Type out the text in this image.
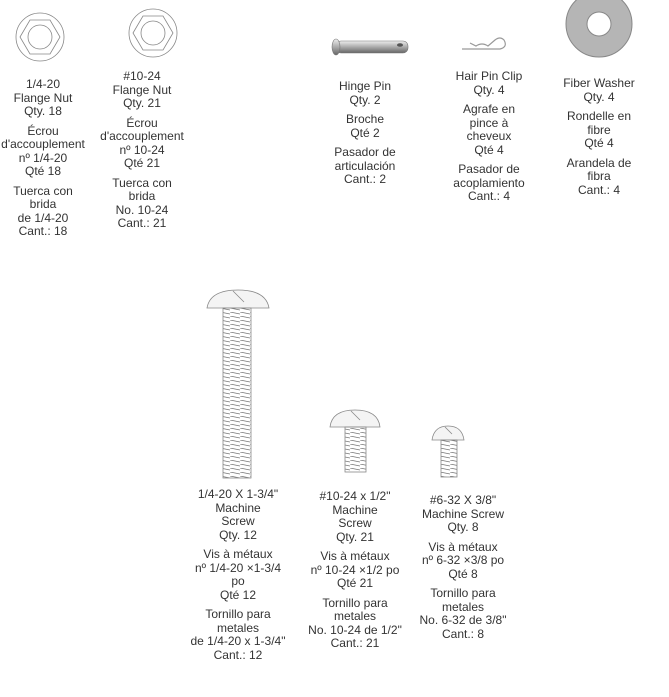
1/4-20
Flange Nut
Qty. 18

Écrou
d'accouplement
nº 1/4-20
Qté 18

Tuerca con
brida
de 1/4-20
Cant.: 18

#10-24
Flange Nut
Qty. 21

Écrou
d'accouplement
nº 10-24
Qté 21

Tuerca con
brida
No. 10-24
Cant.: 21

Hinge Pin
Qty. 2

Broche
Qté 2

Pasador de
articulación
Cant.: 2

Hair Pin Clip
Qty. 4

Agrafe en
pince à
cheveux
Qté 4

Pasador de
acoplamiento
Cant.: 4

Fiber Washer
Qty. 4

Rondelle en
fibre
Qté 4

Arandela de
fibra
Cant.: 4

1/4-20 X 1-3/4"
Machine
Screw
Qty. 12

Vis à métaux
nº 1/4-20 ×1-3/4
po
Qté 12

Tornillo para
metales
de 1/4-20 x 1-3/4"
Cant.: 12

#10-24 x 1/2"
Machine
Screw
Qty. 21

Vis à métaux
nº 10-24 ×1/2 po
Qté 21

Tornillo para
metales
No. 10-24 de 1/2"
Cant.: 21

#6-32 X 3/8"
Machine Screw
Qty. 8

Vis à métaux
nº 6-32 ×3/8 po
Qté 8

Tornillo para
metales
No. 6-32 de 3/8"
Cant.: 8
